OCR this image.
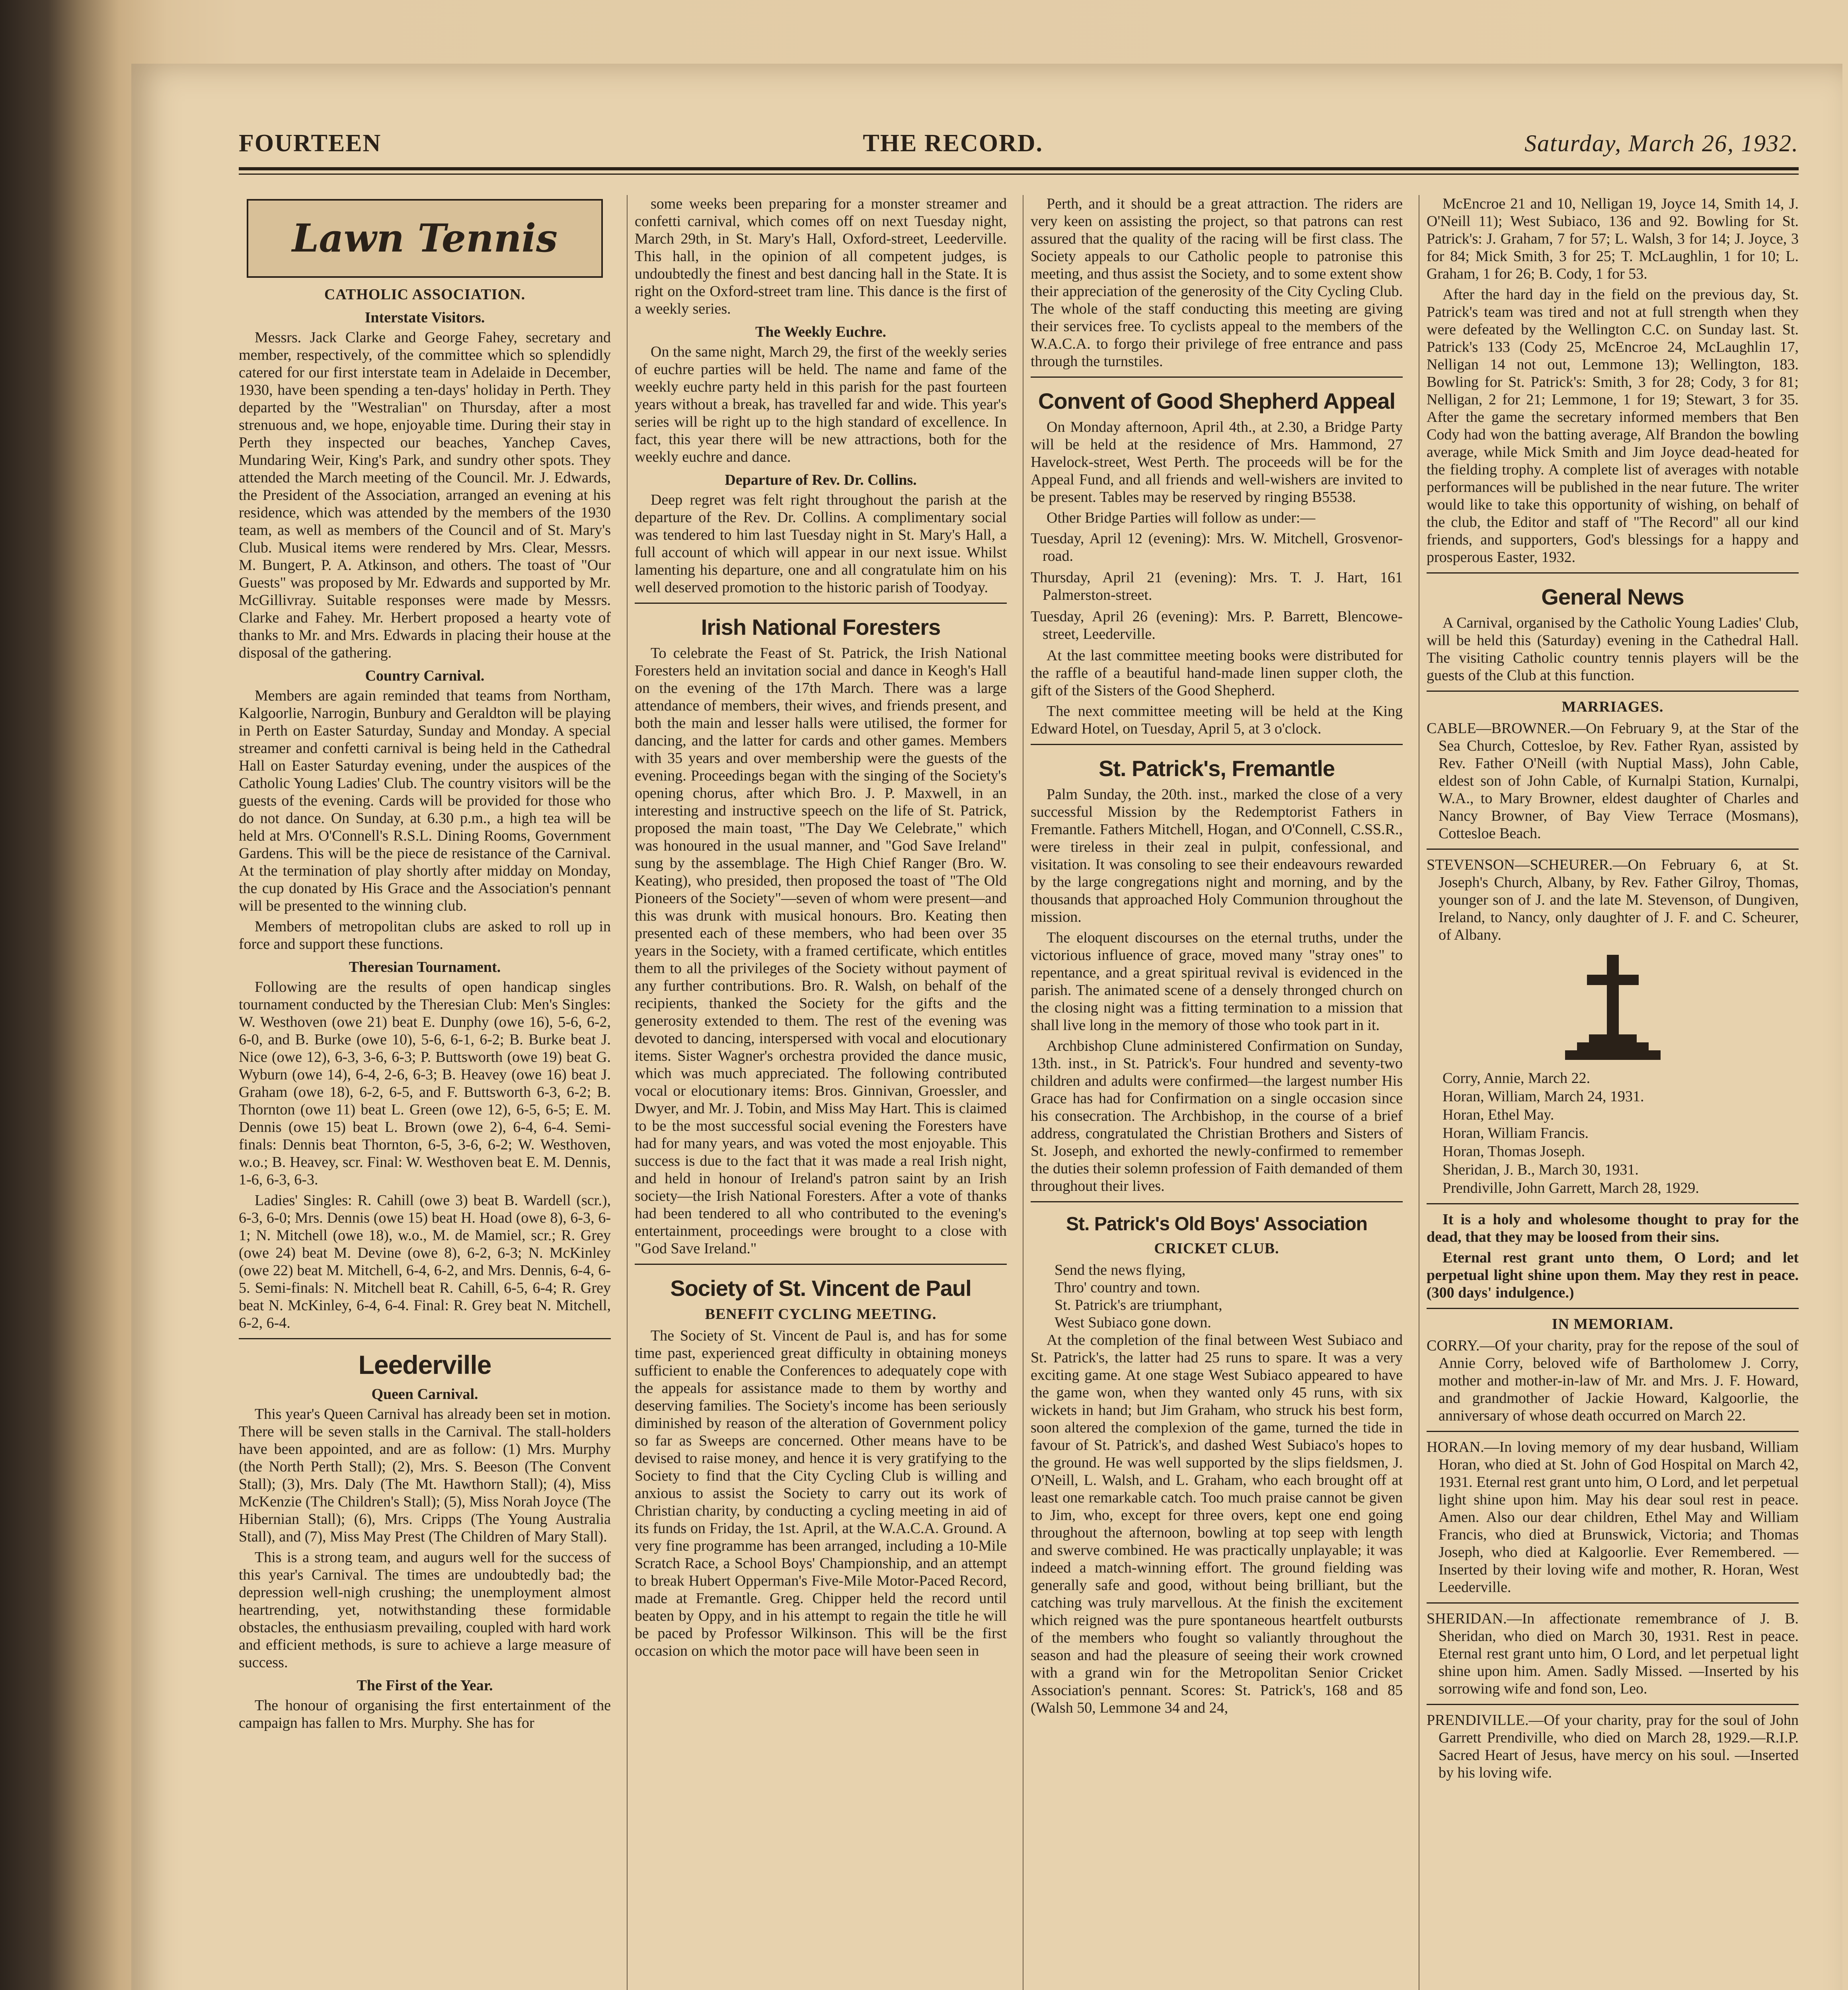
FOURTEEN	THE RECORD.	Saturday, March 26, 1932.
Lawn Tennis
CATHOLIC ASSOCIATION.
Interstate Visitors.

Messrs. Jack Clarke and George Fahey, secretary and member, respectively, of the committee which so splendidly catered for our first interstate team in Adelaide in December, 1930, have been spending a ten-days' holiday in Perth. They departed by the "Westralian" on Thursday, after a most strenuous and, we hope, enjoyable time. During their stay in Perth they inspected our beaches, Yanchep Caves, Mundaring Weir, King's Park, and sundry other spots. They attended the March meeting of the Council. Mr. J. Edwards, the President of the Association, arranged an evening at his residence, which was attended by the members of the 1930 team, as well as members of the Council and of St. Mary's Club. Musical items were rendered by Mrs. Clear, Messrs. M. Bungert, P. A. Atkinson, and others. The toast of "Our Guests" was proposed by Mr. Edwards and supported by Mr. McGillivray. Suitable responses were made by Messrs. Clarke and Fahey. Mr. Herbert proposed a hearty vote of thanks to Mr. and Mrs. Edwards in placing their house at the disposal of the gathering.

Country Carnival.

Members are again reminded that teams from Northam, Kalgoorlie, Narrogin, Bunbury and Geraldton will be playing in Perth on Easter Saturday, Sunday and Monday. A special streamer and confetti carnival is being held in the Cathedral Hall on Easter Saturday evening, under the auspices of the Catholic Young Ladies' Club. The country visitors will be the guests of the evening. Cards will be provided for those who do not dance. On Sunday, at 6.30 p.m., a high tea will be held at Mrs. O'Connell's R.S.L. Dining Rooms, Government Gardens. This will be the piece de resistance of the Carnival. At the termination of play shortly after midday on Monday, the cup donated by His Grace and the Association's pennant will be presented to the winning club.

Members of metropolitan clubs are asked to roll up in force and support these functions.

Theresian Tournament.

Following are the results of open handicap singles tournament conducted by the Theresian Club: Men's Singles: W. Westhoven (owe 21) beat E. Dunphy (owe 16), 5-6, 6-2, 6-0, and B. Burke (owe 10), 5-6, 6-1, 6-2; B. Burke beat J. Nice (owe 12), 6-3, 3-6, 6-3; P. Buttsworth (owe 19) beat G. Wyburn (owe 14), 6-4, 2-6, 6-3; B. Heavey (owe 16) beat J. Graham (owe 18), 6-2, 6-5, and F. Buttsworth 6-3, 6-2; B. Thornton (owe 11) beat L. Green (owe 12), 6-5, 6-5; E. M. Dennis (owe 15) beat L. Brown (owe 2), 6-4, 6-4. Semi-finals: Dennis beat Thornton, 6-5, 3-6, 6-2; W. Westhoven, w.o.; B. Heavey, scr. Final: W. Westhoven beat E. M. Dennis, 1-6, 6-3, 6-3.

Ladies' Singles: R. Cahill (owe 3) beat B. Wardell (scr.), 6-3, 6-0; Mrs. Dennis (owe 15) beat H. Hoad (owe 8), 6-3, 6-1; N. Mitchell (owe 18), w.o., M. de Mamiel, scr.; R. Grey (owe 24) beat M. Devine (owe 8), 6-2, 6-3; N. McKinley (owe 22) beat M. Mitchell, 6-4, 6-2, and Mrs. Dennis, 6-4, 6-5. Semi-finals: N. Mitchell beat R. Cahill, 6-5, 6-4; R. Grey beat N. McKinley, 6-4, 6-4. Final: R. Grey beat N. Mitchell, 6-2, 6-4.

Leederville
Queen Carnival.

This year's Queen Carnival has already been set in motion. There will be seven stalls in the Carnival. The stall-holders have been appointed, and are as follow: (1) Mrs. Murphy (the North Perth Stall); (2), Mrs. S. Beeson (The Convent Stall); (3), Mrs. Daly (The Mt. Hawthorn Stall); (4), Miss McKenzie (The Children's Stall); (5), Miss Norah Joyce (The Hibernian Stall); (6), Mrs. Cripps (The Young Australia Stall), and (7), Miss May Prest (The Children of Mary Stall).

This is a strong team, and augurs well for the success of this year's Carnival. The times are undoubtedly bad; the depression well-nigh crushing; the unemployment almost heartrending, yet, notwithstanding these formidable obstacles, the enthusiasm prevailing, coupled with hard work and efficient methods, is sure to achieve a large measure of success.

The First of the Year.

The honour of organising the first entertainment of the campaign has fallen to Mrs. Murphy. She has for

some weeks been preparing for a monster streamer and confetti carnival, which comes off on next Tuesday night, March 29th, in St. Mary's Hall, Oxford-street, Leederville. This hall, in the opinion of all competent judges, is undoubtedly the finest and best dancing hall in the State. It is right on the Oxford-street tram line. This dance is the first of a weekly series.

The Weekly Euchre.

On the same night, March 29, the first of the weekly series of euchre parties will be held. The name and fame of the weekly euchre party held in this parish for the past fourteen years without a break, has travelled far and wide. This year's series will be right up to the high standard of excellence. In fact, this year there will be new attractions, both for the weekly euchre and dance.

Departure of Rev. Dr. Collins.

Deep regret was felt right throughout the parish at the departure of the Rev. Dr. Collins. A complimentary social was tendered to him last Tuesday night in St. Mary's Hall, a full account of which will appear in our next issue. Whilst lamenting his departure, one and all congratulate him on his well deserved promotion to the historic parish of Toodyay.

Irish National Foresters

To celebrate the Feast of St. Patrick, the Irish National Foresters held an invitation social and dance in Keogh's Hall on the evening of the 17th March. There was a large attendance of members, their wives, and friends present, and both the main and lesser halls were utilised, the former for dancing, and the latter for cards and other games. Members with 35 years and over membership were the guests of the evening. Proceedings began with the singing of the Society's opening chorus, after which Bro. J. P. Maxwell, in an interesting and instructive speech on the life of St. Patrick, proposed the main toast, "The Day We Celebrate," which was honoured in the usual manner, and "God Save Ireland" sung by the assemblage. The High Chief Ranger (Bro. W. Keating), who presided, then proposed the toast of "The Old Pioneers of the Society"—seven of whom were present—and this was drunk with musical honours. Bro. Keating then presented each of these members, who had been over 35 years in the Society, with a framed certificate, which entitles them to all the privileges of the Society without payment of any further contributions. Bro. R. Walsh, on behalf of the recipients, thanked the Society for the gifts and the generosity extended to them. The rest of the evening was devoted to dancing, interspersed with vocal and elocutionary items. Sister Wagner's orchestra provided the dance music, which was much appreciated. The following contributed vocal or elocutionary items: Bros. Ginnivan, Groessler, and Dwyer, and Mr. J. Tobin, and Miss May Hart. This is claimed to be the most successful social evening the Foresters have had for many years, and was voted the most enjoyable. This success is due to the fact that it was made a real Irish night, and held in honour of Ireland's patron saint by an Irish society—the Irish National Foresters. After a vote of thanks had been tendered to all who contributed to the evening's entertainment, proceedings were brought to a close with "God Save Ireland."

Society of St. Vincent de Paul
BENEFIT CYCLING MEETING.

The Society of St. Vincent de Paul is, and has for some time past, experienced great difficulty in obtaining moneys sufficient to enable the Conferences to adequately cope with the appeals for assistance made to them by worthy and deserving families. The Society's income has been seriously diminished by reason of the alteration of Government policy so far as Sweeps are concerned. Other means have to be devised to raise money, and hence it is very gratifying to the Society to find that the City Cycling Club is willing and anxious to assist the Society to carry out its work of Christian charity, by conducting a cycling meeting in aid of its funds on Friday, the 1st. April, at the W.A.C.A. Ground. A very fine programme has been arranged, including a 10-Mile Scratch Race, a School Boys' Championship, and an attempt to break Hubert Opperman's Five-Mile Motor-Paced Record, made at Fremantle. Greg. Chipper held the record until beaten by Oppy, and in his attempt to regain the title he will be paced by Professor Wilkinson. This will be the first occasion on which the motor pace will have been seen in

Perth, and it should be a great attraction. The riders are very keen on assisting the project, so that patrons can rest assured that the quality of the racing will be first class. The Society appeals to our Catholic people to patronise this meeting, and thus assist the Society, and to some extent show their appreciation of the generosity of the City Cycling Club. The whole of the staff conducting this meeting are giving their services free. To cyclists appeal to the members of the W.A.C.A. to forgo their privilege of free entrance and pass through the turnstiles.

Convent of Good Shepherd Appeal

On Monday afternoon, April 4th., at 2.30, a Bridge Party will be held at the residence of Mrs. Hammond, 27 Havelock-street, West Perth. The proceeds will be for the Appeal Fund, and all friends and well-wishers are invited to be present. Tables may be reserved by ringing B5538.

Other Bridge Parties will follow as under:—

Tuesday, April 12 (evening): Mrs. W. Mitchell, Grosvenor-road.
Thursday, April 21 (evening): Mrs. T. J. Hart, 161 Palmerston-street.
Tuesday, April 26 (evening): Mrs. P. Barrett, Blencowe-street, Leederville.

At the last committee meeting books were distributed for the raffle of a beautiful hand-made linen supper cloth, the gift of the Sisters of the Good Shepherd.

The next committee meeting will be held at the King Edward Hotel, on Tuesday, April 5, at 3 o'clock.

St. Patrick's, Fremantle

Palm Sunday, the 20th. inst., marked the close of a very successful Mission by the Redemptorist Fathers in Fremantle. Fathers Mitchell, Hogan, and O'Connell, C.SS.R., were tireless in their zeal in pulpit, confessional, and visitation. It was consoling to see their endeavours rewarded by the large congregations night and morning, and by the thousands that approached Holy Communion throughout the mission.

The eloquent discourses on the eternal truths, under the victorious influence of grace, moved many "stray ones" to repentance, and a great spiritual revival is evidenced in the parish. The animated scene of a densely thronged church on the closing night was a fitting termination to a mission that shall live long in the memory of those who took part in it.

Archbishop Clune administered Confirmation on Sunday, 13th. inst., in St. Patrick's. Four hundred and seventy-two children and adults were confirmed—the largest number His Grace has had for Confirmation on a single occasion since his consecration. The Archbishop, in the course of a brief address, congratulated the Christian Brothers and Sisters of St. Joseph, and exhorted the newly-confirmed to remember the duties their solemn profession of Faith demanded of them throughout their lives.

St. Patrick's Old Boys' Association
CRICKET CLUB.

Send the news flying,

Thro' country and town.

St. Patrick's are triumphant,

West Subiaco gone down.

At the completion of the final between West Subiaco and St. Patrick's, the latter had 25 runs to spare. It was a very exciting game. At one stage West Subiaco appeared to have the game won, when they wanted only 45 runs, with six wickets in hand; but Jim Graham, who struck his best form, soon altered the complexion of the game, turned the tide in favour of St. Patrick's, and dashed West Subiaco's hopes to the ground. He was well supported by the slips fieldsmen, J. O'Neill, L. Walsh, and L. Graham, who each brought off at least one remarkable catch. Too much praise cannot be given to Jim, who, except for three overs, kept one end going throughout the afternoon, bowling at top seep with length and swerve combined. He was practically unplayable; it was indeed a match-winning effort. The ground fielding was generally safe and good, without being brilliant, but the catching was truly marvellous. At the finish the excitement which reigned was the pure spontaneous heartfelt outbursts of the members who fought so valiantly throughout the season and had the pleasure of seeing their work crowned with a grand win for the Metropolitan Senior Cricket Association's pennant. Scores: St. Patrick's, 168 and 85 (Walsh 50, Lemmone 34 and 24,

McEncroe 21 and 10, Nelligan 19, Joyce 14, Smith 14, J. O'Neill 11); West Subiaco, 136 and 92. Bowling for St. Patrick's: J. Graham, 7 for 57; L. Walsh, 3 for 14; J. Joyce, 3 for 84; Mick Smith, 3 for 25; T. McLaughlin, 1 for 10; L. Graham, 1 for 26; B. Cody, 1 for 53.

After the hard day in the field on the previous day, St. Patrick's team was tired and not at full strength when they were defeated by the Wellington C.C. on Sunday last. St. Patrick's 133 (Cody 25, McEncroe 24, McLaughlin 17, Nelligan 14 not out, Lemmone 13); Wellington, 183. Bowling for St. Patrick's: Smith, 3 for 28; Cody, 3 for 81; Nelligan, 2 for 21; Lemmone, 1 for 19; Stewart, 3 for 35. After the game the secretary informed members that Ben Cody had won the batting average, Alf Brandon the bowling average, while Mick Smith and Jim Joyce dead-heated for the fielding trophy. A complete list of averages with notable performances will be published in the near future. The writer would like to take this opportunity of wishing, on behalf of the club, the Editor and staff of "The Record" all our kind friends, and supporters, God's blessings for a happy and prosperous Easter, 1932.

General News

A Carnival, organised by the Catholic Young Ladies' Club, will be held this (Saturday) evening in the Cathedral Hall. The visiting Catholic country tennis players will be the guests of the Club at this function.

MARRIAGES.
CABLE—BROWNER.—On February 9, at the Star of the Sea Church, Cottesloe, by Rev. Father Ryan, assisted by Rev. Father O'Neill (with Nuptial Mass), John Cable, eldest son of John Cable, of Kurnalpi Station, Kurnalpi, W.A., to Mary Browner, eldest daughter of Charles and Nancy Browner, of Bay View Terrace (Mosmans), Cottesloe Beach.
STEVENSON—SCHEURER.—On February 6, at St. Joseph's Church, Albany, by Rev. Father Gilroy, Thomas, younger son of J. and the late M. Stevenson, of Dungiven, Ireland, to Nancy, only daughter of J. F. and C. Scheurer, of Albany.
Corry, Annie, March 22.
Horan, William, March 24, 1931.
Horan, Ethel May.
Horan, William Francis.
Horan, Thomas Joseph.
Sheridan, J. B., March 30, 1931.
Prendiville, John Garrett, March 28, 1929.

It is a holy and wholesome thought to pray for the dead, that they may be loosed from their sins.

Eternal rest grant unto them, O Lord; and let perpetual light shine upon them. May they rest in peace. (300 days' indulgence.)

IN MEMORIAM.
CORRY.—Of your charity, pray for the repose of the soul of Annie Corry, beloved wife of Bartholomew J. Corry, mother and mother-in-law of Mr. and Mrs. J. F. Howard, and grandmother of Jackie Howard, Kalgoorlie, the anniversary of whose death occurred on March 22.
HORAN.—In loving memory of my dear husband, William Horan, who died at St. John of God Hospital on March 42, 1931. Eternal rest grant unto him, O Lord, and let perpetual light shine upon him. May his dear soul rest in peace. Amen. Also our dear children, Ethel May and William Francis, who died at Brunswick, Victoria; and Thomas Joseph, who died at Kalgoorlie. Ever Remembered. —Inserted by their loving wife and mother, R. Horan, West Leederville.
SHERIDAN.—In affectionate remembrance of J. B. Sheridan, who died on March 30, 1931. Rest in peace. Eternal rest grant unto him, O Lord, and let perpetual light shine upon him. Amen. Sadly Missed. —Inserted by his sorrowing wife and fond son, Leo.
PRENDIVILLE.—Of your charity, pray for the soul of John Garrett Prendiville, who died on March 28, 1929.—R.I.P. Sacred Heart of Jesus, have mercy on his soul. —Inserted by his loving wife.
